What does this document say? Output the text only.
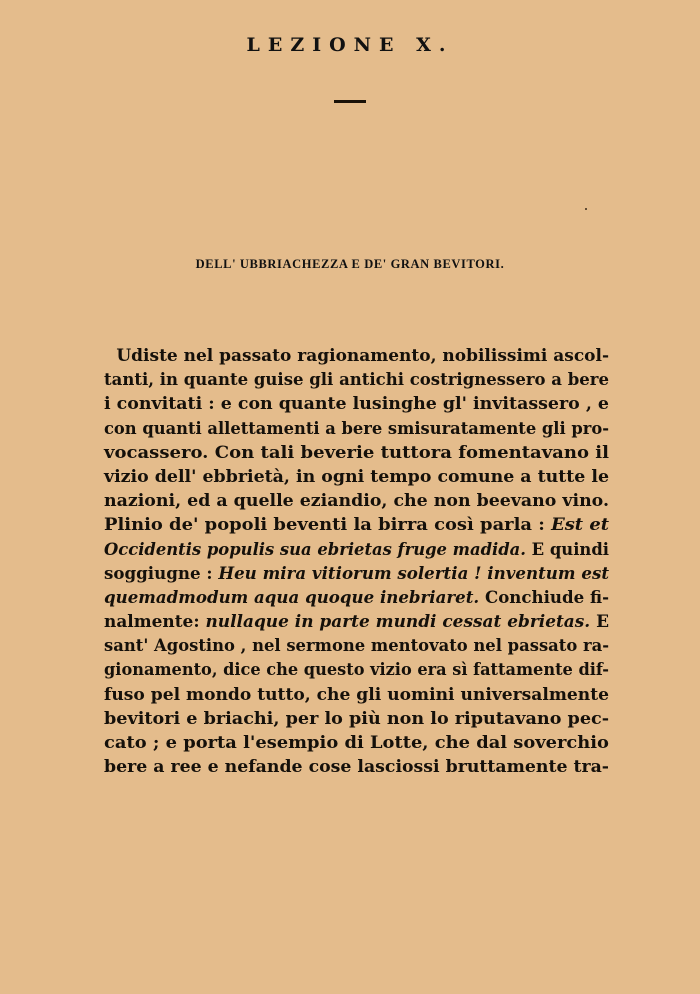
LEZIONE X.
DELL' UBBRIACHEZZA E DE' GRAN BEVITORI.
Udiste nel passato ragionamento, nobilissimi ascol-
tanti, in quante guise gli antichi costrignessero a bere
i convitati : e con quante lusinghe gl' invitassero , e
con quanti allettamenti a bere smisuratamente gli pro-
vocassero. Con tali beverie tuttora fomentavano il
vizio dell' ebbrietà, in ogni tempo comune a tutte le
nazioni, ed a quelle eziandio, che non beevano vino.
Plinio de' popoli beventi la birra così parla : Est et
Occidentis populis sua ebrietas fruge madida. E quindi
soggiugne : Heu mira vitiorum solertia ! inventum est
quemadmodum aqua quoque inebriaret. Conchiude fi-
nalmente: nullaque in parte mundi cessat ebrietas. E
sant' Agostino , nel sermone mentovato nel passato ra-
gionamento, dice che questo vizio era sì fattamente dif-
fuso pel mondo tutto, che gli uomini universalmente
bevitori e briachi, per lo più non lo riputavano pec-
cato ; e porta l'esempio di Lotte, che dal soverchio
bere a ree e nefande cose lasciossi bruttamente tra-
